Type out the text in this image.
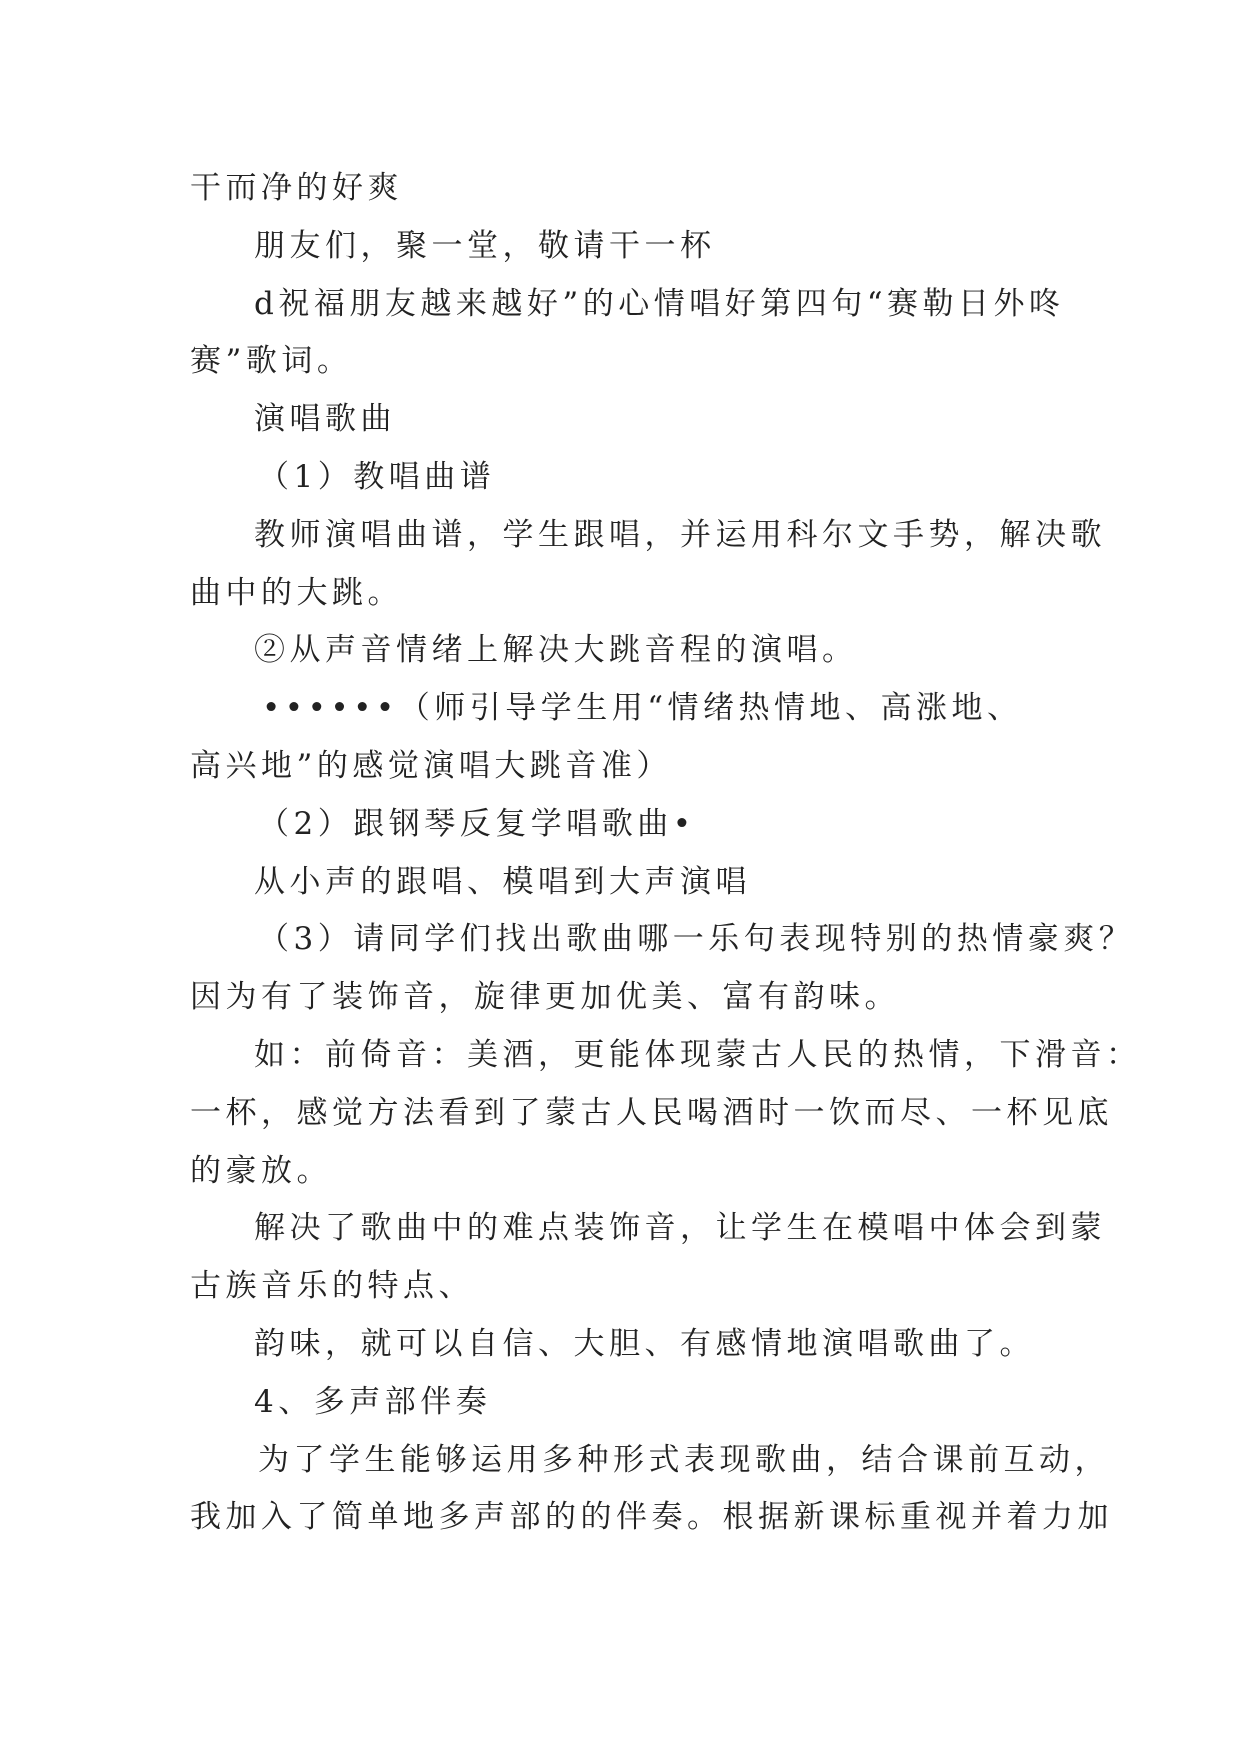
干而净的好爽
朋友们，聚一堂，敬请干一杯
d祝福朋友越来越好”的心情唱好第四句“赛勒日外咚
赛”歌词。
演唱歌曲
（1）教唱曲谱
教师演唱曲谱，学生跟唱，并运用科尔文手势，解决歌
曲中的大跳。
②从声音情绪上解决大跳音程的演唱。
••••••（师引导学生用“情绪热情地、高涨地、
高兴地”的感觉演唱大跳音准）
（2）跟钢琴反复学唱歌曲•
从小声的跟唱、模唱到大声演唱
（3）请同学们找出歌曲哪一乐句表现特别的热情豪爽？
因为有了装饰音，旋律更加优美、富有韵味。
如：前倚音：美酒，更能体现蒙古人民的热情，下滑音：
一杯，感觉方法看到了蒙古人民喝酒时一饮而尽、一杯见底
的豪放。
解决了歌曲中的难点装饰音，让学生在模唱中体会到蒙
古族音乐的特点、
韵味，就可以自信、大胆、有感情地演唱歌曲了。
4、多声部伴奏
为了学生能够运用多种形式表现歌曲，结合课前互动，
我加入了简单地多声部的的伴奏。根据新课标重视并着力加
